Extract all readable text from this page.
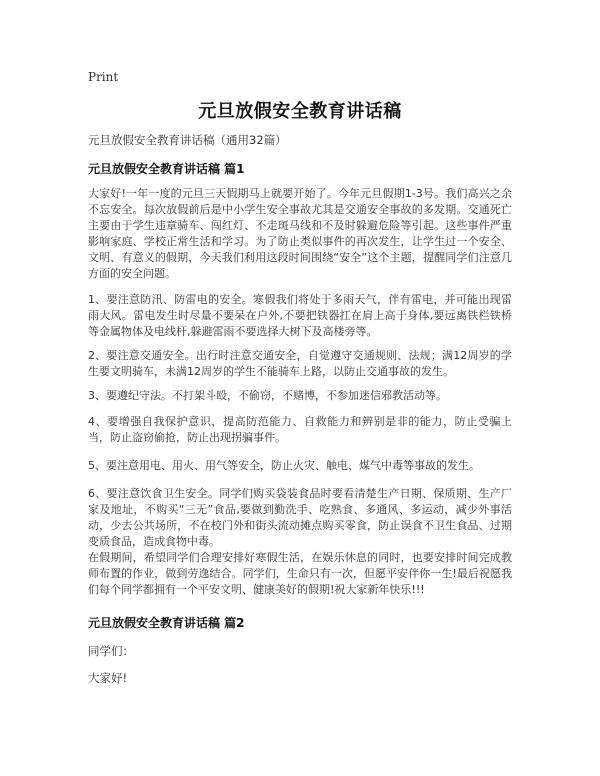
Print
元旦放假安全教育讲话稿
元旦放假安全教育讲话稿（通用32篇）
元旦放假安全教育讲话稿 篇1

大家好!一年一度的元旦三天假期马上就要开始了。今年元旦假期1-3号。我们高兴之余不忘安全。每次放假前后是中小学生安全事故尤其是交通安全事故的多发期。交通死亡主要由于学生违章骑车、闯红灯、不走斑马线和不及时躲避危险等引起。这些事件严重影响家庭、学校正常生活和学习。为了防止类似事件的再次发生，让学生过一个安全、文明、有意义的假期，今天我们利用这段时间围绕“安全”这个主题，提醒同学们注意几方面的安全问题。

1、要注意防汛、防雷电的安全。寒假我们将处于多雨天气，伴有雷电，并可能出现雷雨大风。雷电发生时尽量不要呆在户外,不要把铁器扛在肩上高于身体,要远离铁栏铁桥等金属物体及电线杆,躲避雷雨不要选择大树下及高楼旁等。

2、要注意交通安全。出行时注意交通安全，自觉遵守交通规则、法规；满12周岁的学生要文明骑车，未满12周岁的学生不能骑车上路，以防止交通事故的发生。

3、要遵纪守法。不打架斗殴，不偷窃，不赌博，不参加迷信邪教活动等。

4、要增强自我保护意识，提高防范能力、自救能力和辨别是非的能力，防止受骗上当，防止盗窃偷抢，防止出现拐骗事件。

5、要注意用电、用火、用气等安全，防止火灾、触电、煤气中毒等事故的发生。

6、要注意饮食卫生安全。同学们购买袋装食品时要看清楚生产日期、保质期、生产厂家及地址，不购买“三无”食品,要做到勤洗手、吃熟食、多通风、多运动，减少外事活动，少去公共场所，不在校门外和街头流动摊点购买零食，防止误食不卫生食品、过期变质食品，造成食物中毒。

在假期间，希望同学们合理安排好寒假生活，在娱乐休息的同时，也要安排时间完成教师布置的作业，做到劳逸结合。同学们，生命只有一次，但愿平安伴你一生!最后祝愿我们每个同学都拥有一个平安文明、健康美好的假期!祝大家新年快乐!!!

元旦放假安全教育讲话稿 篇2
同学们：
大家好!
